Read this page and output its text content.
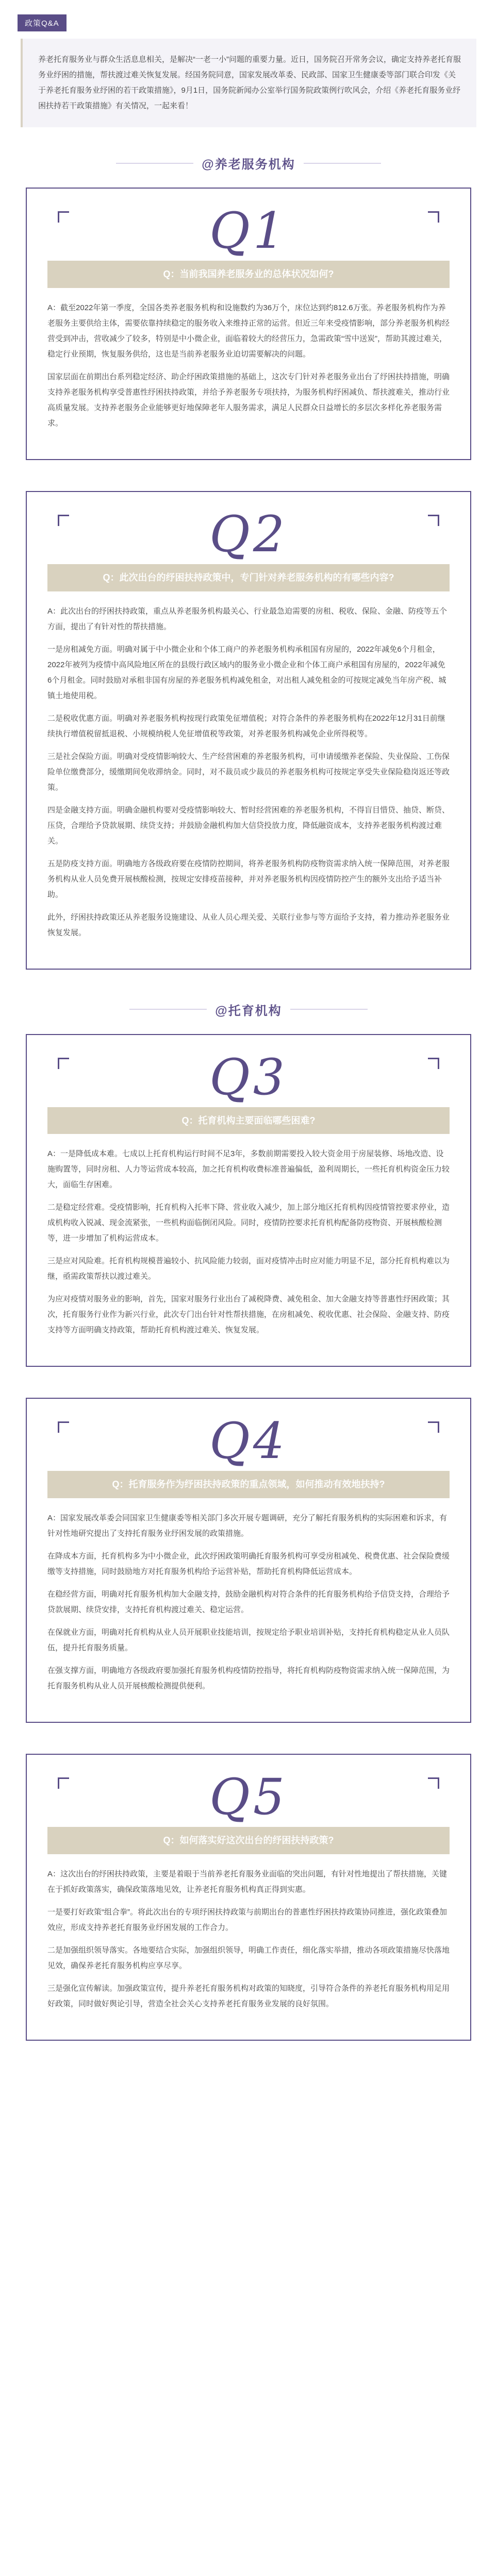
政策Q&A
养老托育服务业与群众生活息息相关，是解决“一老一小”问题的重要力量。近日，国务院召开常务会议，确定支持养老托育服务业纾困的措施，帮扶渡过难关恢复发展。经国务院同意，国家发展改革委、民政部、国家卫生健康委等部门联合印发《关于养老托育服务业纾困的若干政策措施》，9月1日，国务院新闻办公室举行国务院政策例行吹风会，介绍《养老托育服务业纾困扶持若干政策措施》有关情况，一起来看！
@养老服务机构
Q1
Q：当前我国养老服务业的总体状况如何?

A：截至2022年第一季度，全国各类养老服务机构和设施数约为36万个，床位达到约812.6万张。养老服务机构作为养老服务主要供给主体，需要依靠持续稳定的服务收入来维持正常的运营。但近三年来受疫情影响，部分养老服务机构经营受到冲击，营收减少了较多，特别是中小微企业，面临着较大的经营压力，急需政策“雪中送炭”，帮助其渡过难关，稳定行业预期，恢复服务供给，这也是当前养老服务业迫切需要解决的问题。

国家层面在前期出台系列稳定经济、助企纾困政策措施的基础上，这次专门针对养老服务业出台了纾困扶持措施，明确支持养老服务机构享受普惠性纾困扶持政策，并给予养老服务专项扶持，为服务机构纾困减负、帮扶渡难关，推动行业高质量发展。支持养老服务企业能够更好地保障老年人服务需求，满足人民群众日益增长的多层次多样化养老服务需求。

Q2
Q：此次出台的纾困扶持政策中，专门针对养老服务机构的有哪些内容?

A：此次出台的纾困扶持政策，重点从养老服务机构最关心、行业最急迫需要的房租、税收、保险、金融、防疫等五个方面，提出了有针对性的帮扶措施。

一是房租减免方面。明确对属于中小微企业和个体工商户的养老服务机构承租国有房屋的，2022年减免6个月租金，2022年被列为疫情中高风险地区所在的县级行政区域内的服务业小微企业和个体工商户承租国有房屋的，2022年减免6个月租金。同时鼓励对承租非国有房屋的养老服务机构减免租金，对出租人减免租金的可按规定减免当年房产税、城镇土地使用税。

二是税收优惠方面。明确对养老服务机构按现行政策免征增值税；对符合条件的养老服务机构在2022年12月31日前继续执行增值税留抵退税、小规模纳税人免征增值税等政策，对养老服务机构减免企业所得税等。

三是社会保险方面。明确对受疫情影响较大、生产经营困难的养老服务机构，可申请缓缴养老保险、失业保险、工伤保险单位缴费部分，缓缴期间免收滞纳金。同时，对不裁员或少裁员的养老服务机构可按规定享受失业保险稳岗返还等政策。

四是金融支持方面。明确金融机构要对受疫情影响较大、暂时经营困难的养老服务机构，不得盲目惜贷、抽贷、断贷、压贷，合理给予贷款展期、续贷支持；并鼓励金融机构加大信贷投放力度，降低融资成本，支持养老服务机构渡过难关。

五是防疫支持方面。明确地方各级政府要在疫情防控期间，将养老服务机构防疫物资需求纳入统一保障范围，对养老服务机构从业人员免费开展核酸检测，按规定安排疫苗接种，并对养老服务机构因疫情防控产生的额外支出给予适当补助。

此外，纾困扶持政策还从养老服务设施建设、从业人员心理关爱、关联行业参与等方面给予支持，着力推动养老服务业恢复发展。

@托育机构
Q3
Q：托育机构主要面临哪些困难?

A：一是降低成本难。七成以上托育机构运行时间不足3年，多数前期需要投入较大资金用于房屋装修、场地改造、设施购置等，同时房租、人力等运营成本较高，加之托育机构收费标准普遍偏低，盈利周期长，一些托育机构资金压力较大，面临生存困难。

二是稳定经营难。受疫情影响，托育机构入托率下降、营业收入减少，加上部分地区托育机构因疫情管控要求停业，造成机构收入锐减、现金流紧张，一些机构面临倒闭风险。同时，疫情防控要求托育机构配备防疫物资、开展核酸检测等，进一步增加了机构运营成本。

三是应对风险难。托育机构规模普遍较小、抗风险能力较弱，面对疫情冲击时应对能力明显不足，部分托育机构难以为继，亟需政策帮扶以渡过难关。

为应对疫情对服务业的影响，首先，国家对服务行业出台了减税降费、减免租金、加大金融支持等普惠性纾困政策；其次，托育服务行业作为新兴行业，此次专门出台针对性帮扶措施，在房租减免、税收优惠、社会保险、金融支持、防疫支持等方面明确支持政策，帮助托育机构渡过难关、恢复发展。

Q4
Q：托育服务作为纾困扶持政策的重点领域，如何推动有效地扶持?

A：国家发展改革委会同国家卫生健康委等相关部门多次开展专题调研，充分了解托育服务机构的实际困难和诉求，有针对性地研究提出了支持托育服务业纾困发展的政策措施。

在降成本方面，托育机构多为中小微企业，此次纾困政策明确托育服务机构可享受房租减免、税费优惠、社会保险费缓缴等支持措施，同时鼓励地方对托育服务机构给予运营补贴，帮助托育机构降低运营成本。

在稳经营方面，明确对托育服务机构加大金融支持，鼓励金融机构对符合条件的托育服务机构给予信贷支持，合理给予贷款展期、续贷安排，支持托育机构渡过难关、稳定运营。

在保就业方面，明确对托育机构从业人员开展职业技能培训，按规定给予职业培训补贴，支持托育机构稳定从业人员队伍，提升托育服务质量。

在强支撑方面，明确地方各级政府要加强托育服务机构疫情防控指导，将托育机构防疫物资需求纳入统一保障范围，为托育服务机构从业人员开展核酸检测提供便利。

Q5
Q：如何落实好这次出台的纾困扶持政策?

A：这次出台的纾困扶持政策，主要是着眼于当前养老托育服务业面临的突出问题，有针对性地提出了帮扶措施，关键在于抓好政策落实，确保政策落地见效，让养老托育服务机构真正得到实惠。

一是要打好政策“组合拳”。将此次出台的专项纾困扶持政策与前期出台的普惠性纾困扶持政策协同推进，强化政策叠加效应，形成支持养老托育服务业纾困发展的工作合力。

二是加强组织领导落实。各地要结合实际，加强组织领导，明确工作责任，细化落实举措，推动各项政策措施尽快落地见效，确保养老托育服务机构应享尽享。

三是强化宣传解读。加强政策宣传，提升养老托育服务机构对政策的知晓度，引导符合条件的养老托育服务机构用足用好政策，同时做好舆论引导，营造全社会关心支持养老托育服务业发展的良好氛围。
